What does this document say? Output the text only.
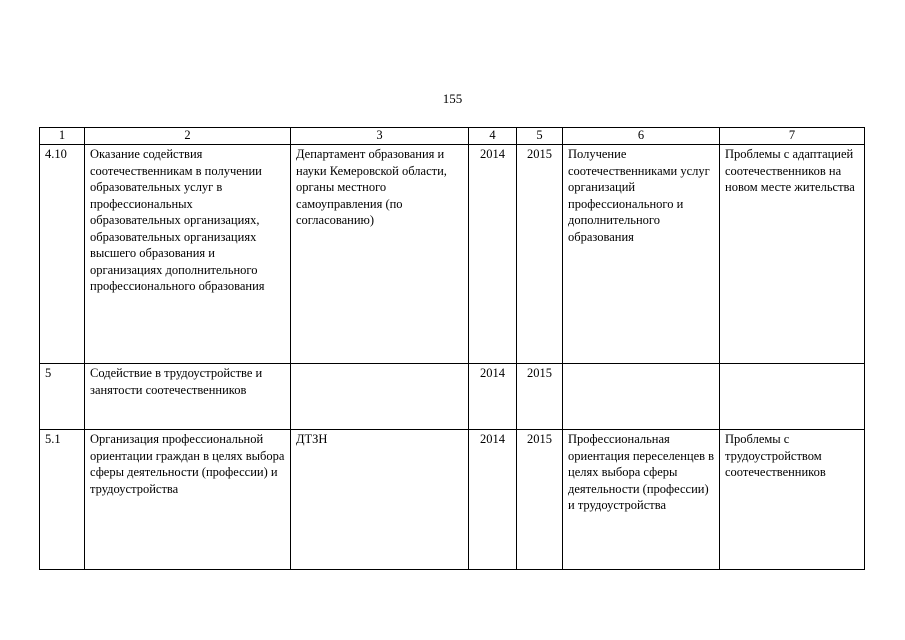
155
1	2	3	4	5	6	7
4.10	Оказание содействия соотечественникам в получении образовательных услуг в профессиональных образовательных организациях, образовательных организациях высшего образования и организациях дополнительного профессионального образования	Департамент образования и науки Кемеровской области, органы местного самоуправления (по согласованию)	2014	2015	Получение соотечественниками услуг организаций профессионального и дополнительного образования	Проблемы с адаптацией соотечественников на новом месте жительства
5	Содействие в трудоустройстве и занятости соотечественников		2014	2015		
5.1	Организация профессиональной ориентации граждан в целях выбора сферы деятельности (профессии) и трудоустройства	ДТЗН	2014	2015	Профессиональная ориентация переселенцев в целях выбора сферы деятельности (профессии) и трудоустройства	Проблемы с трудоустройством соотечественников
